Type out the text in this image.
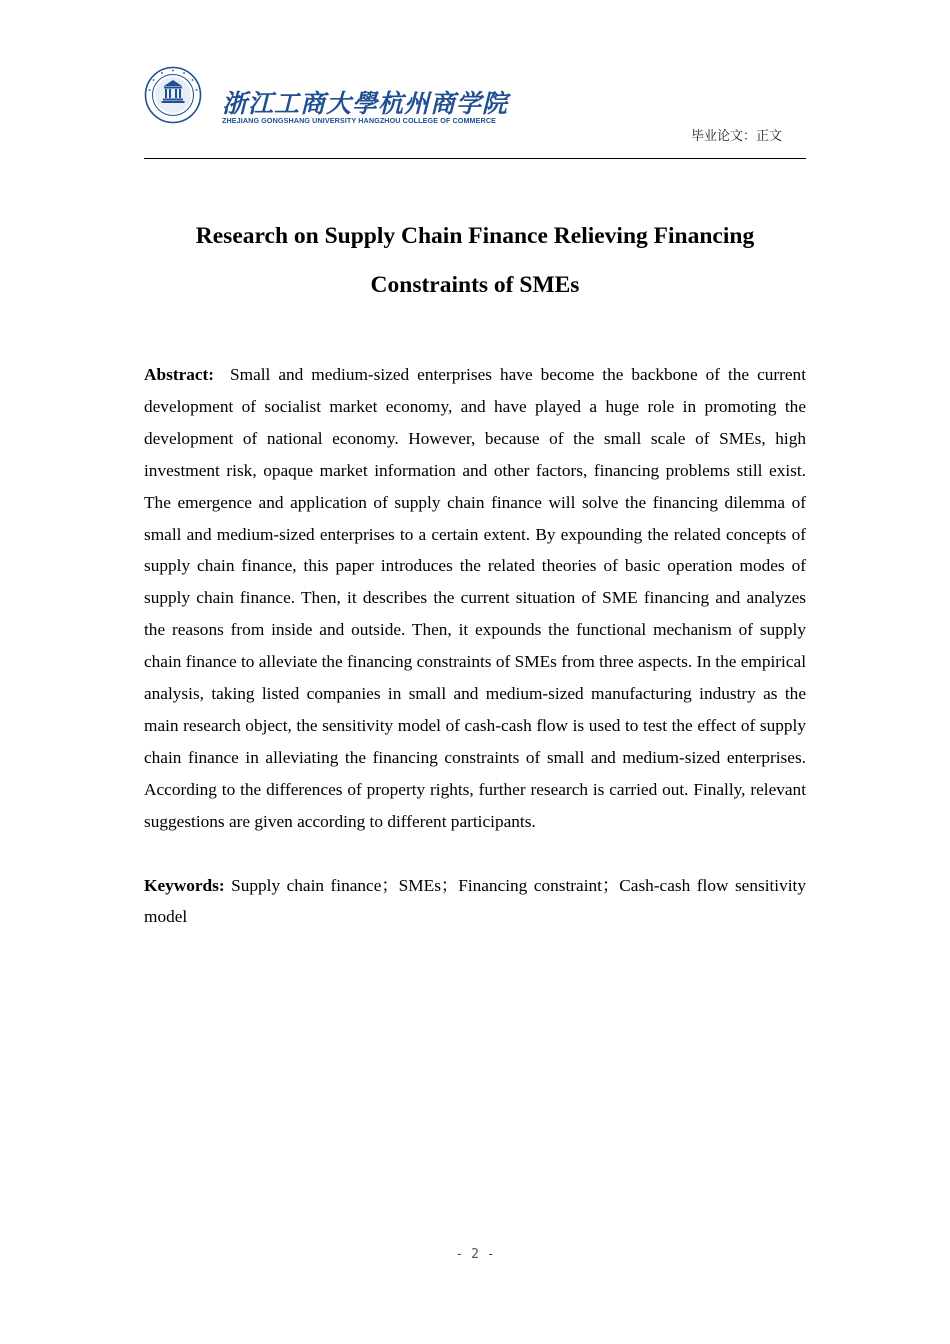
浙江工商大學杭州商学院
ZHEJIANG GONGSHANG UNIVERSITY HANGZHOU COLLEGE OF COMMERCE
毕业论文：正文
Research on Supply Chain Finance Relieving Financing Constraints of SMEs
Abstract: Small and medium-sized enterprises have become the backbone of the current development of socialist market economy, and have played a huge role in promoting the development of national economy. However, because of the small scale of SMEs, high investment risk, opaque market information and other factors, financing problems still exist. The emergence and application of supply chain finance will solve the financing dilemma of small and medium-sized enterprises to a certain extent. By expounding the related concepts of supply chain finance, this paper introduces the related theories of basic operation modes of supply chain finance. Then, it describes the current situation of SME financing and analyzes the reasons from inside and outside. Then, it expounds the functional mechanism of supply chain finance to alleviate the financing constraints of SMEs from three aspects. In the empirical analysis, taking listed companies in small and medium-sized manufacturing industry as the main research object, the sensitivity model of cash-cash flow is used to test the effect of supply chain finance in alleviating the financing constraints of small and medium-sized enterprises. According to the differences of property rights, further research is carried out. Finally, relevant suggestions are given according to different participants.
Keywords: Supply chain finance；SMEs；Financing constraint；Cash-cash flow sensitivity model
- 2 -
